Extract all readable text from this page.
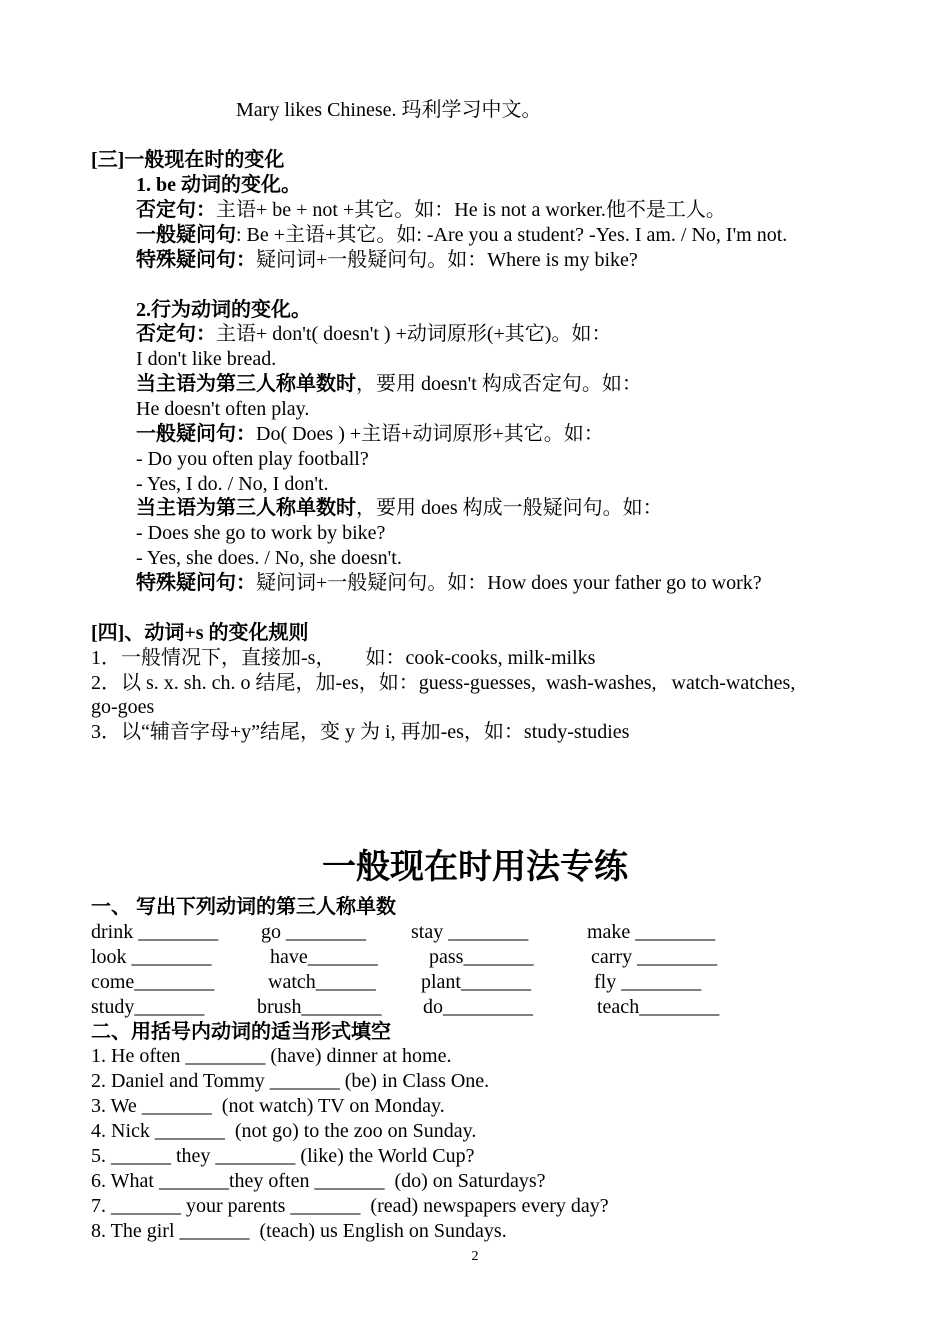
Mary likes Chinese. 玛利学习中文。
[三]一般现在时的变化
1. be 动词的变化。
否定句：主语+ be + not +其它。如：He is not a worker.他不是工人。
一般疑问句: Be +主语+其它。如: -Are you a student? -Yes. I am. / No, I'm not.
特殊疑问句：疑问词+一般疑问句。如：Where is my bike?
2.行为动词的变化。
否定句：主语+ don't( doesn't ) +动词原形(+其它)。如：
I don't like bread.
当主语为第三人称单数时，要用 doesn't 构成否定句。如：
He doesn't often play.
一般疑问句：Do( Does ) +主语+动词原形+其它。如：
- Do you often play football?
- Yes, I do. / No, I don't.
当主语为第三人称单数时，要用 does 构成一般疑问句。如：
- Does she go to work by bike?
- Yes, she does. / No, she doesn't.
特殊疑问句：疑问词+一般疑问句。如：How does your father go to work?
[四]、动词+s 的变化规则
1．一般情况下，直接加-s，      如：cook-cooks, milk-milks
2．以 s. x. sh. ch. o 结尾，加-es，如：guess-guesses,  wash-washes,   watch-watches,
go-goes
3．以“辅音字母+y”结尾，变 y 为 i, 再加-es，如：study-studies
一般现在时用法专练
一、 写出下列动词的第三人称单数
drink ________ go ________ stay ________	make ________
look ________	have_______	pass_______	carry ________
come________	watch______ plant_______	fly ________
study_______	brush________ do_________	teach________
二、用括号内动词的适当形式填空
1. He often ________ (have) dinner at home.
2. Daniel and Tommy _______ (be) in Class One.
3. We _______  (not watch) TV on Monday.
4. Nick _______  (not go) to the zoo on Sunday.
5. ______ they ________ (like) the World Cup?
6. What _______they often _______  (do) on Saturdays?
7. _______ your parents _______  (read) newspapers every day?
8. The girl _______  (teach) us English on Sundays.
2
